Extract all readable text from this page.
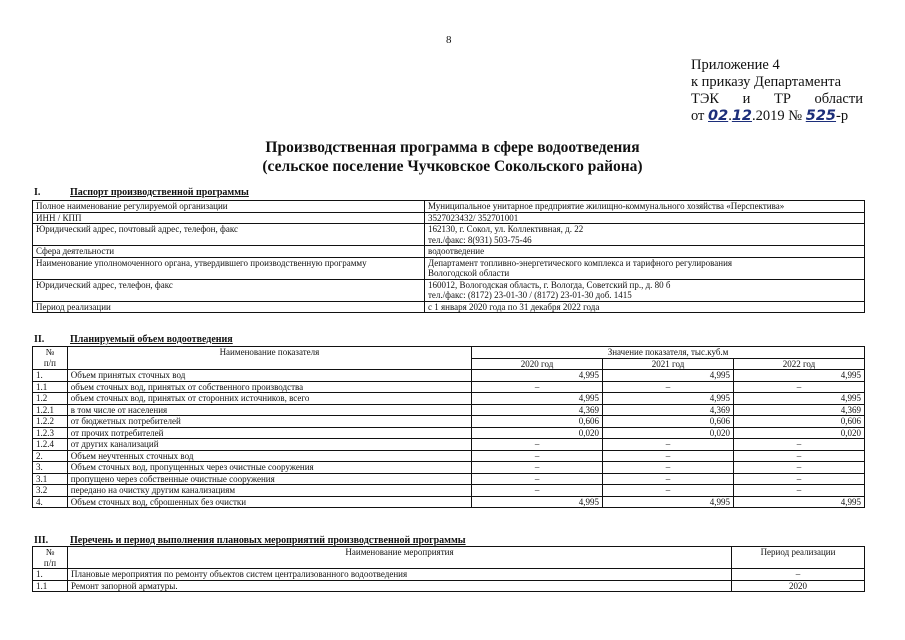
8
Приложение 4
к приказу Департамента
ТЭК и ТР области
от 02.12.2019 № 525-р
Производственная программа в сфере водоотведения
(сельское поселение Чучковское Сокольского района)
I.	Паспорт производственной программы
Полное наименование регулируемой организации	Муниципальное унитарное предприятие жилищно-коммунального хозяйства «Перспектива»
ИНН / КПП	3527023432/ 352701001
Юридический адрес, почтовый адрес, телефон, факс	162130, г. Сокол, ул. Коллективная, д. 22
тел./факс: 8(931) 503-75-46

Сфера деятельности	водоотведение
Наименование уполномоченного органа, утвердившего производственную программу	Департамент топливно-энергетического комплекса и тарифного регулирования
Вологодской области

Юридический адрес, телефон, факс	160012, Вологодская область, г. Вологда, Советский пр., д. 80 б
тел./факс: (8172) 23-01-30 / (8172) 23-01-30 доб. 1415

Период реализации	с 1 января 2020 года по 31 декабря 2022 года
II.	Планируемый объем водоотведения
№
п/п	Наименование показателя	Значение показателя, тыс.куб.м		
		2020 год	2021 год	2022 год
1.	Объем принятых сточных вод	4,995	4,995	4,995
1.1	объем сточных вод, принятых от собственного производства	–	–	–
1.2	объем сточных вод, принятых от сторонних источников, всего	4,995	4,995	4,995
1.2.1	в том числе от населения	4,369	4,369	4,369
1.2.2	от бюджетных потребителей	0,606	0,606	0,606
1.2.3	от прочих потребителей	0,020	0,020	0,020
1.2.4	от других канализаций	–	–	–
2.	Объем неучтенных сточных вод	–	–	–
3.	Объем сточных вод, пропущенных через очистные сооружения	–	–	–
3.1	пропущено через собственные очистные сооружения	–	–	–
3.2	передано на очистку другим канализациям	–	–	–
4.	Объем сточных вод, сброшенных без очистки	4,995	4,995	4,995
III. Перечень и период выполнения плановых мероприятий производственной программы
№
п/п	Наименование мероприятия	Период реализации
1.	Плановые мероприятия по ремонту объектов систем централизованного водоотведения	–
1.1	Ремонт запорной арматуры.	2020
